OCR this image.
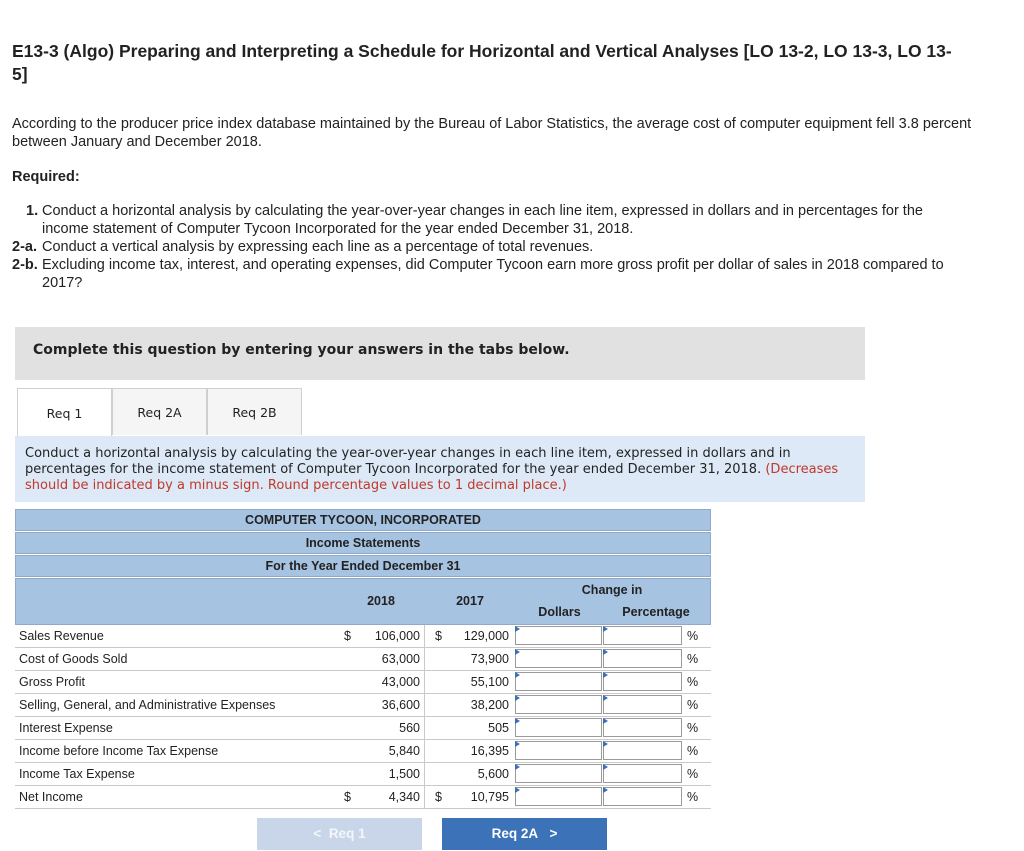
E13-3 (Algo) Preparing and Interpreting a Schedule for Horizontal and Vertical Analyses [LO 13-2, LO 13-3, LO 13-5]
According to the producer price index database maintained by the Bureau of Labor Statistics, the average cost of computer equipment fell 3.8 percent between January and December 2018.
Required:

1. Conduct a horizontal analysis by calculating the year-over-year changes in each line item, expressed in dollars and in percentages for the income statement of Computer Tycoon Incorporated for the year ended December 31, 2018.

2-a. Conduct a vertical analysis by expressing each line as a percentage of total revenues.

2-b. Excluding income tax, interest, and operating expenses, did Computer Tycoon earn more gross profit per dollar of sales in 2018 compared to 2017?

Complete this question by entering your answers in the tabs below.
Req 1	Req 2A	Req 2B

Conduct a horizontal analysis by calculating the year-over-year changes in each line item, expressed in dollars and in percentages for the income statement of Computer Tycoon Incorporated for the year ended December 31, 2018. (Decreases should be indicated by a minus sign. Round percentage values to 1 decimal place.)

COMPUTER TYCOON, INCORPORATED
Income Statements
For the Year Ended December 31
2018	2017
Change in
Dollars	Percentage
Sales Revenue	$	106,000 $	129,000	%
Cost of Goods Sold	63,000	73,900	%
Gross Profit	43,000	55,100	%
Selling, General, and Administrative Expenses	36,600	38,200	%
Interest Expense	560	505	%
Income before Income Tax Expense	5,840	16,395	%
Income Tax Expense	1,500	5,600	%
Net Income	$	4,340 $	10,795	%
< Req 1	Req 2A >
